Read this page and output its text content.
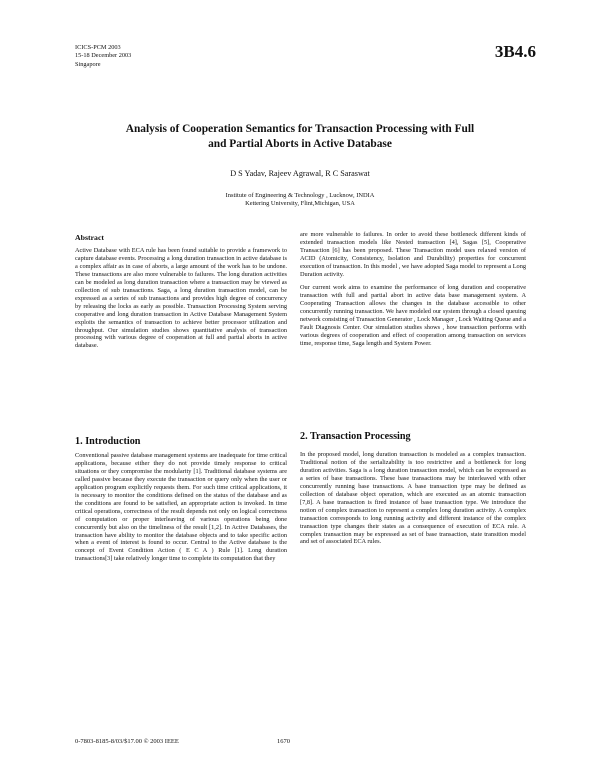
ICICS-PCM 2003
15-18 December 2003
Singapore
3B4.6
Analysis of Cooperation Semantics for Transaction Processing with Full
and Partial Aborts in Active Database
D S Yadav, Rajeev Agrawal, R C Saraswat
Institute of Engineering & Technology , Lucknow, INDIA
Kettering University, Flint,Michigan, USA
Abstract

Active Database with ECA rule has been found suitable to provide a framework to capture database events. Processing a long duration transaction in active database is a complex affair as in case of aborts, a large amount of the work has to be undone. These transactions are also more vulnerable to failures. The long duration activities can be modeled as long duration transaction where a transaction may be viewed as collection of sub transactions. Saga, a long duration transaction model, can be expressed as a series of sub transactions and provides high degree of concurrency by releasing the locks as early as possible. Transaction Processing System serving cooperative and long duration transaction in Active Database Management System exploits the semantics of transaction to achieve better processor utilization and throughput. Our simulation studies shows quantitative analysis of transaction processing with various degree of cooperation at full and partial aborts in active database.

1. Introduction

Conventional passive database management systems are inadequate for time critical applications, because either they do not provide timely response to critical situations or they compromise the modularity [1]. Traditional database systems are called passive because they execute the transaction or query only when the user or application program explicitly requests them. For such time critical applications, it is necessary to monitor the conditions defined on the status of the database and as the conditions are found to be satisfied, an appropriate action is invoked. In time critical operations, correctness of the result depends not only on logical correctness of computation or proper interleaving of various operations being done concurrently but also on the timeliness of the result [1,2]. In Active Databases, the transaction have ability to monitor the database objects and to take specific action when a event of interest is found to occur. Central to the Active database is the concept of Event Condition Action ( E C A ) Rule [1]. Long duration transactions[3] take relatively longer time to complete its computation that they

are more vulnerable to failures. In order to avoid these bottleneck different kinds of extended transaction models like Nested transaction [4], Sagas [5], Cooperative Transaction [6] has been proposed. These Transaction model uses relaxed version of ACID (Atomicity, Consistency, Isolation and Durability) properties for concurrent execution of transaction. In this model , we have adopted Saga model to represent a Long Duration activity.

Our current work aims to examine the performance of long duration and cooperative transaction with full and partial abort in active data base management system. A Cooperating Transaction allows the changes in the database accessible to other concurrently running transaction. We have modeled our system through a closed queuing network consisting of Transaction Generator , Lock Manager , Lock Waiting Queue and a Fault Diagnosis Center. Our simulation studies shows , how transaction performs with various degrees of cooperation and effect of cooperation among transaction on services time, response time, Saga length and System Power.

2. Transaction Processing

In the proposed model, long duration transaction is modeled as a complex transaction. Traditional notion of the serializability is too restrictive and a bottleneck for long duration activities. Saga is a long duration transaction model, which can be expressed as a series of base transactions. These base transactions may be interleaved with other concurrently running base transactions. A base transaction type may be defined as collection of database object operation, which are executed as an atomic transaction [7,8]. A base transaction is fired instance of base transaction type. We introduce the notion of complex transaction to represent a complex long duration activity. A complex transaction corresponds to long running activity and different instance of the complex transaction type changes their states as a consequence of execution of ECA rule. A complex transaction may be expressed as set of base transaction, state transition model and set of associated ECA rules.

0-7803-8185-8/03/$17.00 © 2003 IEEE	1670
